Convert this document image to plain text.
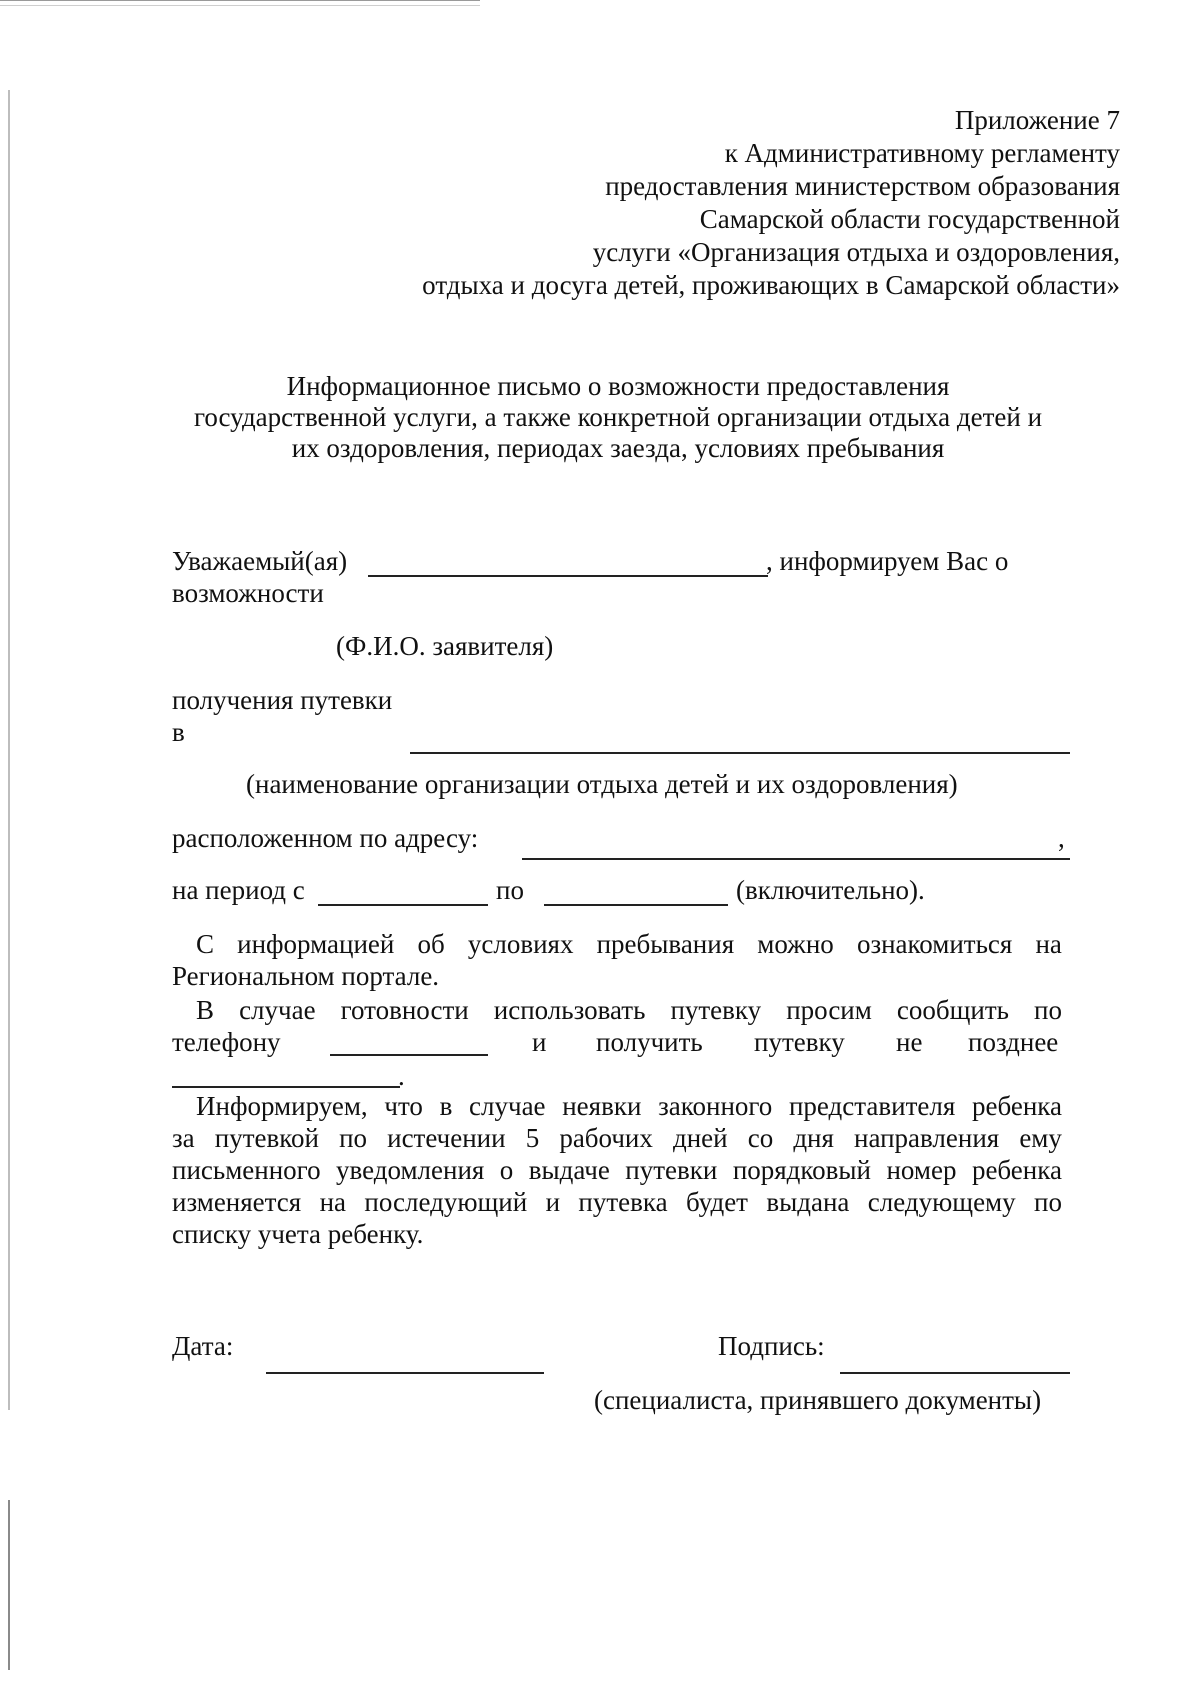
Приложение 7
к Административному регламенту
предоставления министерством образования
Самарской области государственной
услуги «Организация отдыха и оздоровления,
отдыха и досуга детей, проживающих в Самарской области»
Информационное письмо о возможности предоставления
государственной услуги, а также конкретной организации отдыха детей и
их оздоровления, периодах заезда, условиях пребывания
Уважаемый(ая)	, информируем Вас о
возможности
(Ф.И.О. заявителя)
получения путевки
в
(наименование организации отдыха детей и их оздоровления)
расположенном по адресу:	,
на период с	по	(включительно).
С информацией об условиях пребывания можно ознакомиться на
Региональном портале.
В случае готовности использовать путевку просим сообщить по
телефону	и получить путевку не позднее
.
Информируем, что в случае неявки законного представителя ребенка
за путевкой по истечении 5 рабочих дней со дня направления ему
письменного уведомления о выдаче путевки порядковый номер ребенка
изменяется на последующий и путевка будет выдана следующему по
списку учета ребенку.
Дата:	Подпись:
(специалиста, принявшего документы)
